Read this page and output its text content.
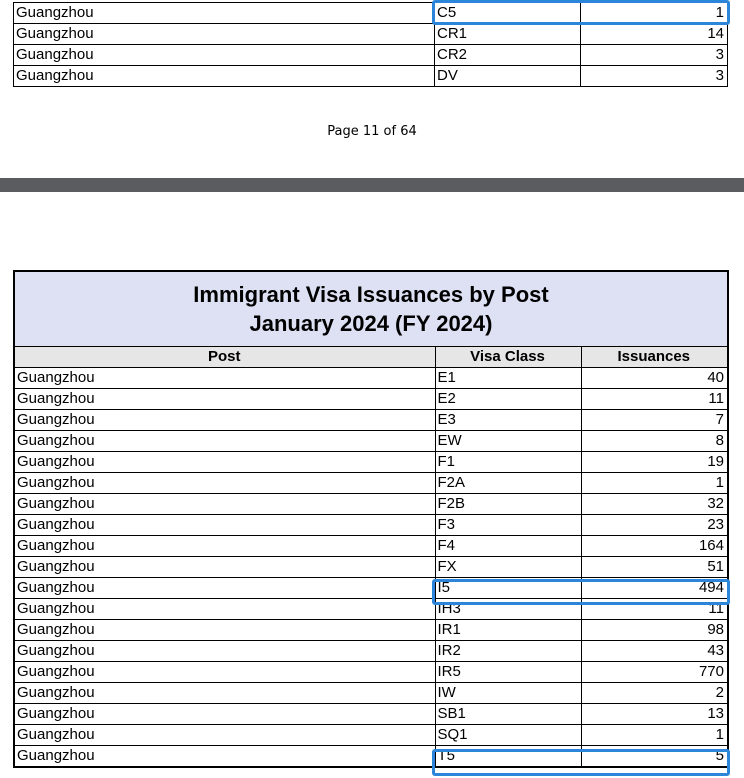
Guangzhou	C5	1
Guangzhou	CR1	14
Guangzhou	CR2	3
Guangzhou	DV	3
Page 11 of 64
Immigrant Visa Issuances by Post
January 2024 (FY 2024)		

Post	Visa Class	Issuances
Guangzhou	E1	40
Guangzhou	E2	11
Guangzhou	E3	7
Guangzhou	EW	8
Guangzhou	F1	19
Guangzhou	F2A	1
Guangzhou	F2B	32
Guangzhou	F3	23
Guangzhou	F4	164
Guangzhou	FX	51
Guangzhou	I5	494
Guangzhou	IH3	11
Guangzhou	IR1	98
Guangzhou	IR2	43
Guangzhou	IR5	770
Guangzhou	IW	2
Guangzhou	SB1	13
Guangzhou	SQ1	1
Guangzhou	T5	5
